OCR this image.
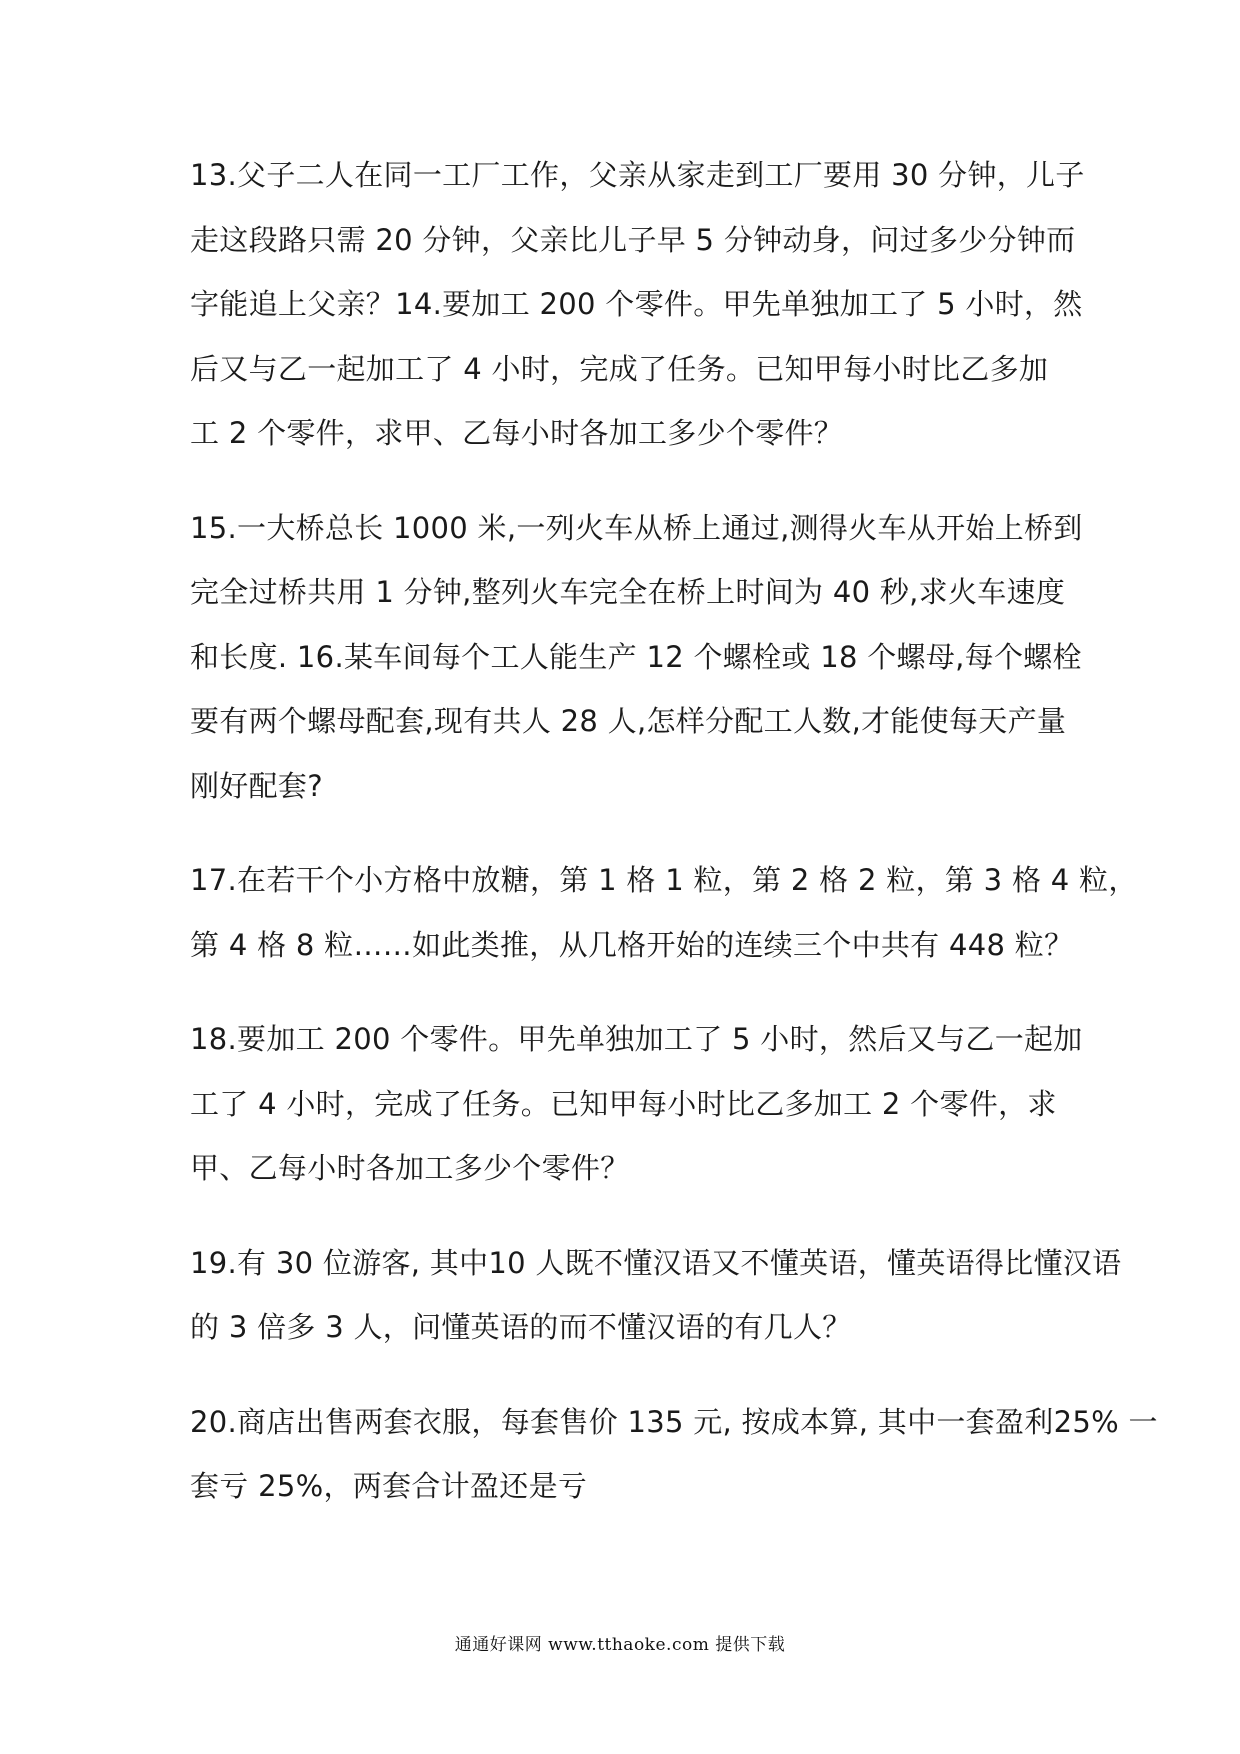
13.父子二人在同一工厂工作，父亲从家走到工厂要用 30 分钟，儿子
走这段路只需 20 分钟，父亲比儿子早 5 分钟动身，问过多少分钟而
字能追上父亲？14.要加工 200 个零件。甲先单独加工了 5 小时，然
后又与乙一起加工了 4 小时，完成了任务。已知甲每小时比乙多加
工 2 个零件，求甲、乙每小时各加工多少个零件？
15.一大桥总长 1000 米,一列火车从桥上通过,测得火车从开始上桥到
完全过桥共用 1 分钟,整列火车完全在桥上时间为 40 秒,求火车速度
和长度. 16.某车间每个工人能生产 12 个螺栓或 18 个螺母,每个螺栓
要有两个螺母配套,现有共人 28 人,怎样分配工人数,才能使每天产量
刚好配套?
17.在若干个小方格中放糖，第 1 格 1 粒，第 2 格 2 粒，第 3 格 4 粒，
第 4 格 8 粒……如此类推，从几格开始的连续三个中共有 448 粒？
18.要加工 200 个零件。甲先单独加工了 5 小时，然后又与乙一起加
工了 4 小时，完成了任务。已知甲每小时比乙多加工 2 个零件，求
甲、乙每小时各加工多少个零件？
19.有 30 位游客, 其中10 人既不懂汉语又不懂英语，懂英语得比懂汉语
的 3 倍多 3 人，问懂英语的而不懂汉语的有几人？
20.商店出售两套衣服，每套售价 135 元, 按成本算, 其中一套盈利25% 一
套亏 25%，两套合计盈还是亏
通通好课网 www.tthaoke.com 提供下载
